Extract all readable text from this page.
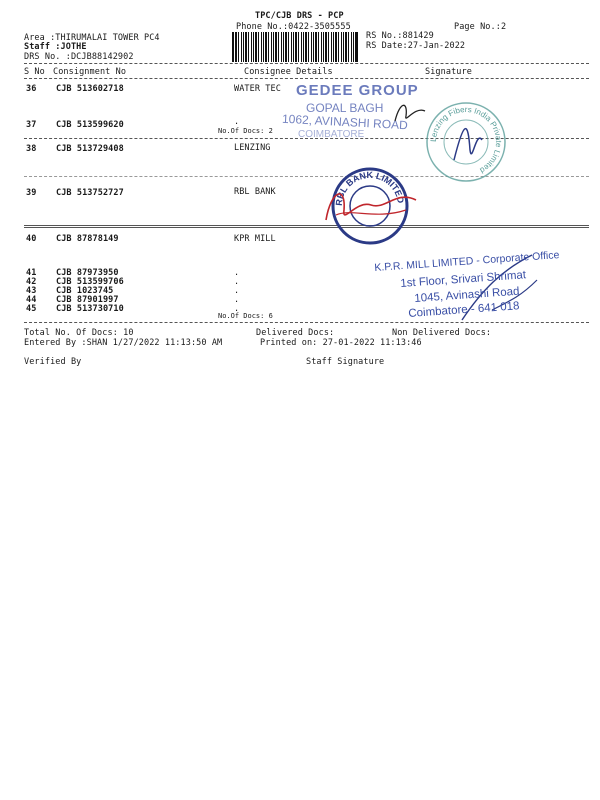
TPC/CJB DRS - PCP
Phone No.:0422-3505555	Page No.:2
Area :THIRUMALAI TOWER PC4
Staff :JOTHE
DRS No. :DCJB88142902
RS No.:881429
RS Date:27-Jan-2022
S No Consignment No	Consignee Details	Signature
36 CJB 513602718	WATER TEC
37 CJB 513599620	.
No.Of Docs: 2
38 CJB 513729408	LENZING
39 CJB 513752727	RBL BANK
40 CJB 87878149	KPR MILL
41 CJB 87973950	.
42 CJB 513599706	.
43 CJB 1023745	.
44 CJB 87901997	.
45 CJB 513730710	.
No.Of Docs: 6
Total No. Of Docs: 10	Delivered Docs:	Non Delivered Docs:
Entered By :SHAN 1/27/2022 11:13:50 AM	Printed on: 27-01-2022 11:13:46
Verified By	Staff Signature
GEDEE GROUP
GOPAL BAGH
1062, AVINASHI ROAD
COIMBATORE	Lenzing Fibers India Private Limited
RBL BANK LIMITED
K.P.R. MILL LIMITED - Corporate Office
1st Floor, Srivari Shrimat
1045, Avinashi Road
Coimbatore - 641 018
